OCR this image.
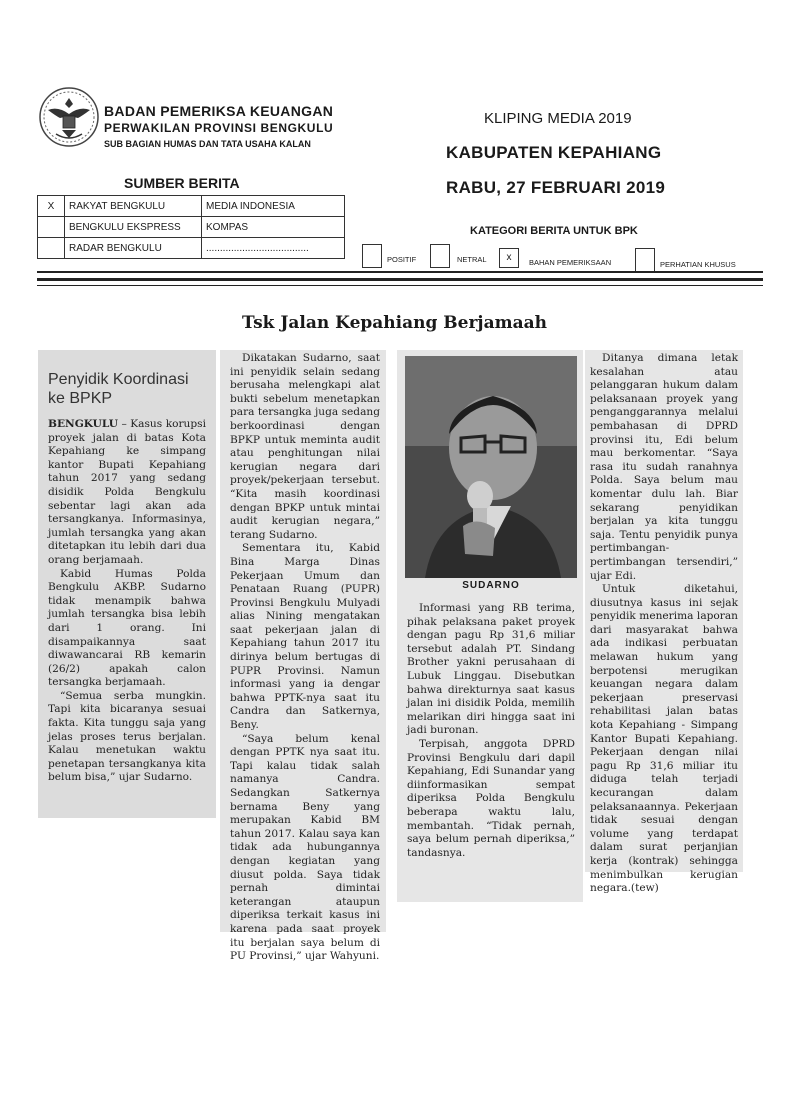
BADAN PEMERIKSA KEUANGAN
PERWAKILAN PROVINSI BENGKULU
SUB BAGIAN HUMAS DAN TATA USAHA KALAN
KLIPING MEDIA 2019
KABUPATEN KEPAHIANG
RABU, 27 FEBRUARI 2019
SUMBER BERITA
X	RAKYAT BENGKULU	MEDIA INDONESIA
	BENGKULU EKSPRESS	KOMPAS
	RADAR BENGKULU	.....................................
KATEGORI BERITA UNTUK BPK
POSITIF	NETRAL	x	BAHAN PEMERIKSAAN	PERHATIAN KHUSUS
Tsk Jalan Kepahiang Berjamaah
Penyidik Koordinasi ke BPKP

BENGKULU – Kasus korupsi proyek jalan di batas Kota Kepahiang ke simpang kantor Bupati Kepahiang tahun 2017 yang sedang disidik Polda Bengkulu sebentar lagi akan ada tersangkanya. Informasinya, jumlah tersangka yang akan ditetapkan itu lebih dari dua orang berjamaah.

Kabid Humas Polda Bengkulu AKBP. Sudarno tidak menampik bahwa jumlah tersangka bisa lebih dari 1 orang. Ini disampaikannya saat diwawancarai RB kemarin (26/2) apakah calon tersangka berjamaah.

“Semua serba mungkin. Tapi kita bicaranya sesuai fakta. Kita tunggu saja yang jelas proses terus berjalan. Kalau menetukan waktu penetapan tersangkanya kita belum bisa,” ujar Sudarno.

Dikatakan Sudarno, saat ini penyidik selain sedang berusaha melengkapi alat bukti sebelum menetapkan para tersangka juga sedang berkoordinasi dengan BPKP untuk meminta audit atau penghitungan nilai kerugian negara dari proyek/pekerjaan tersebut. “Kita masih koordinasi dengan BPKP untuk mintai audit kerugian negara,” terang Sudarno.

Sementara itu, Kabid Bina Marga Dinas Pekerjaan Umum dan Penataan Ruang (PUPR) Provinsi Bengkulu Mulyadi alias Nining mengatakan saat pekerjaan jalan di Kepahiang tahun 2017 itu dirinya belum bertugas di PUPR Provinsi. Namun informasi yang ia dengar bahwa PPTK-nya saat itu Candra dan Satkernya, Beny.

“Saya belum kenal dengan PPTK nya saat itu. Tapi kalau tidak salah namanya Candra. Sedangkan Satkernya bernama Beny yang merupakan Kabid BM tahun 2017. Kalau saya kan tidak ada hubungannya dengan kegiatan yang diusut polda. Saya tidak pernah dimintai keterangan ataupun diperiksa terkait kasus ini karena pada saat proyek itu berjalan saya belum di PU Provinsi,” ujar Wahyuni.

SUDARNO

Informasi yang RB terima, pihak pelaksana paket proyek dengan pagu Rp 31,6 miliar tersebut adalah PT. Sindang Brother yakni perusahaan di Lubuk Linggau. Disebutkan bahwa direkturnya saat kasus jalan ini disidik Polda, memilih melarikan diri hingga saat ini jadi buronan.

Terpisah, anggota DPRD Provinsi Bengkulu dari dapil Kepahiang, Edi Sunandar yang diinformasikan sempat diperiksa Polda Bengkulu beberapa waktu lalu, membantah. “Tidak pernah, saya belum pernah diperiksa,” tandasnya.

Ditanya dimana letak kesalahan atau pelanggaran hukum dalam pelaksanaan proyek yang penganggarannya melalui pembahasan di DPRD provinsi itu, Edi belum mau berkomentar. “Saya rasa itu sudah ranahnya Polda. Saya belum mau komentar dulu lah. Biar sekarang penyidikan berjalan ya kita tunggu saja. Tentu penyidik punya pertimbangan-pertimbangan tersendiri,” ujar Edi.

Untuk diketahui, diusutnya kasus ini sejak penyidik menerima laporan dari masyarakat bahwa ada indikasi perbuatan melawan hukum yang berpotensi merugikan keuangan negara dalam pekerjaan preservasi rehabilitasi jalan batas kota Kepahiang - Simpang Kantor Bupati Kepahiang. Pekerjaan dengan nilai pagu Rp 31,6 miliar itu diduga telah terjadi kecurangan dalam pelaksanaannya. Pekerjaan tidak sesuai dengan volume yang terdapat dalam surat perjanjian kerja (kontrak) sehingga menimbulkan kerugian negara.(tew)
